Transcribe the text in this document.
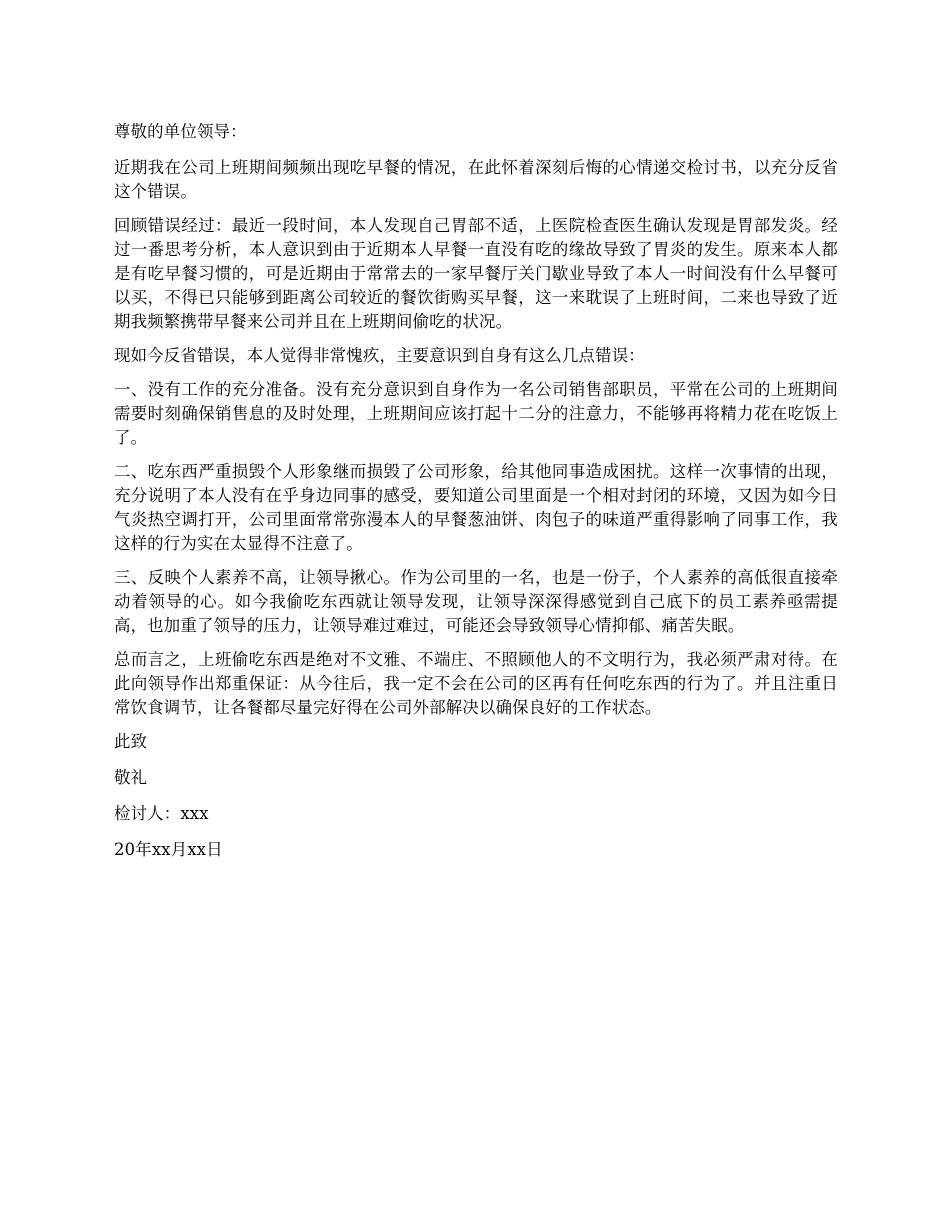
尊敬的单位领导：

近期我在公司上班期间频频出现吃早餐的情况，在此怀着深刻后悔的心情递交检讨书，以充分反省这个错误。

回顾错误经过：最近一段时间，本人发现自己胃部不适，上医院检查医生确认发现是胃部发炎。经过一番思考分析，本人意识到由于近期本人早餐一直没有吃的缘故导致了胃炎的发生。原来本人都是有吃早餐习惯的，可是近期由于常常去的一家早餐厅关门歇业导致了本人一时间没有什么早餐可以买，不得已只能够到距离公司较近的餐饮街购买早餐，这一来耽误了上班时间，二来也导致了近期我频繁携带早餐来公司并且在上班期间偷吃的状况。

现如今反省错误，本人觉得非常愧疚，主要意识到自身有这么几点错误：

一、没有工作的充分准备。没有充分意识到自身作为一名公司销售部职员，平常在公司的上班期间需要时刻确保销售息的及时处理，上班期间应该打起十二分的注意力，不能够再将精力花在吃饭上了。

二、吃东西严重损毁个人形象继而损毁了公司形象，给其他同事造成困扰。这样一次事情的出现，充分说明了本人没有在乎身边同事的感受，要知道公司里面是一个相对封闭的环境，又因为如今日气炎热空调打开，公司里面常常弥漫本人的早餐葱油饼、肉包子的味道严重得影响了同事工作，我这样的行为实在太显得不注意了。

三、反映个人素养不高，让领导揪心。作为公司里的一名，也是一份子，个人素养的高低很直接牵动着领导的心。如今我偷吃东西就让领导发现，让领导深深得感觉到自己底下的员工素养亟需提高，也加重了领导的压力，让领导难过难过，可能还会导致领导心情抑郁、痛苦失眠。

总而言之，上班偷吃东西是绝对不文雅、不端庄、不照顾他人的不文明行为，我必须严肃对待。在此向领导作出郑重保证：从今往后，我一定不会在公司的区再有任何吃东西的行为了。并且注重日常饮食调节，让各餐都尽量完好得在公司外部解决以确保良好的工作状态。

此致

敬礼

检讨人：xxx

20年xx月xx日
